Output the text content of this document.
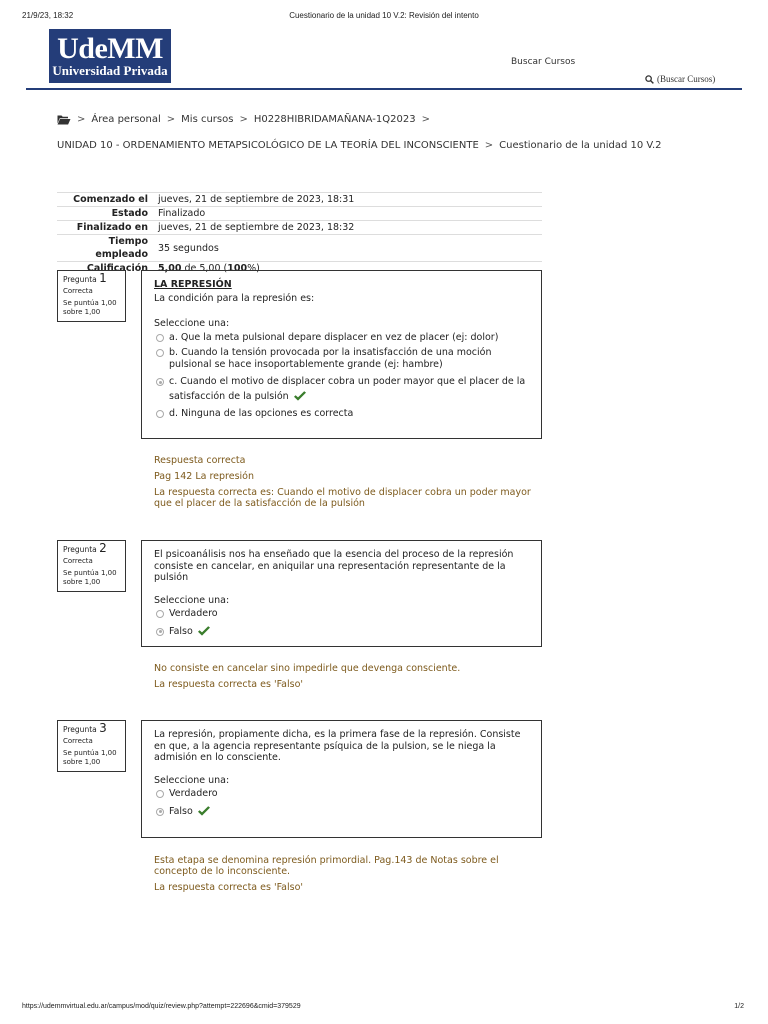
21/9/23, 18:32	Cuestionario de la unidad 10 V.2: Revisión del intento
UdeMM
Universidad Privada
Buscar Cursos
(Buscar Cursos)
> Área personal > Mis cursos > H0228HIBRIDAMAÑANA-1Q2023 >
UNIDAD 10 - ORDENAMIENTO METAPSICOLÓGICO DE LA TEORÍA DEL INCONSCIENTE > Cuestionario de la unidad 10 V.2
Comenzado el	jueves, 21 de septiembre de 2023, 18:31
Estado	Finalizado
Finalizado en	jueves, 21 de septiembre de 2023, 18:32
Tiempo empleado	35 segundos
Calificación	5,00 de 5,00 (100%)
Pregunta 1
Correcta
Se puntúa 1,00 sobre 1,00
LA REPRESIÓN
La condición para la represión es:
Seleccione una:
a. Que la meta pulsional depare displacer en vez de placer (ej: dolor)
b. Cuando la tensión provocada por la insatisfacción de una moción pulsional se hace insoportablemente grande (ej: hambre)
c. Cuando el motivo de displacer cobra un poder mayor que el placer de la satisfacción de la pulsión
d. Ninguna de las opciones es correcta

Respuesta correcta

Pag 142 La represión

La respuesta correcta es: Cuando el motivo de displacer cobra un poder mayor que el placer de la satisfacción de la pulsión

Pregunta 2
Correcta
Se puntúa 1,00 sobre 1,00
El psicoanálisis nos ha enseñado que la esencia del proceso de la represión consiste en cancelar, en aniquilar una representación representante de la pulsión
Seleccione una:
Verdadero
Falso

No consiste en cancelar sino impedirle que devenga consciente.

La respuesta correcta es 'Falso'

Pregunta 3
Correcta
Se puntúa 1,00 sobre 1,00
La represión, propiamente dicha, es la primera fase de la represión. Consiste en que, a la agencia representante psíquica de la pulsion, se le niega la admisión en lo consciente.
Seleccione una:
Verdadero
Falso

Esta etapa se denomina represión primordial. Pag.143 de Notas sobre el concepto de lo inconsciente.

La respuesta correcta es 'Falso'

https://udemmvirtual.edu.ar/campus/mod/quiz/review.php?attempt=222696&cmid=379529	1/2
